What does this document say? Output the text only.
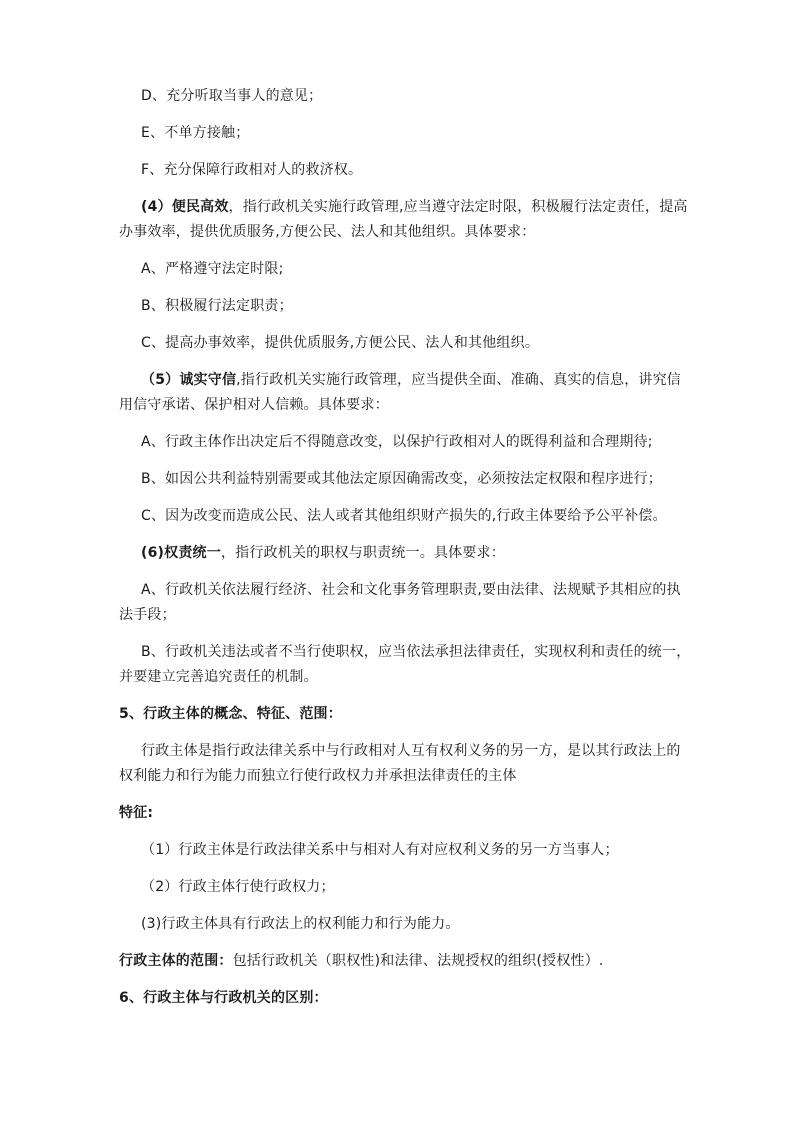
D、充分听取当事人的意见；
E、不单方接触；
F、充分保障行政相对人的救济权。
(4）便民高效，指行政机关实施行政管理,应当遵守法定时限，积极履行法定责任，提高
办事效率，提供优质服务,方便公民、法人和其他组织。具体要求：
A、严格遵守法定时限;
B、积极履行法定职责；
C、提高办事效率，提供优质服务,方便公民、法人和其他组织。
（5）诚实守信,指行政机关实施行政管理，应当提供全面、准确、真实的信息，讲究信
用信守承诺、保护相对人信赖。具体要求：
A、行政主体作出决定后不得随意改变，以保护行政相对人的既得利益和合理期待;
B、如因公共利益特别需要或其他法定原因确需改变，必须按法定权限和程序进行；
C、因为改变而造成公民、法人或者其他组织财产损失的,行政主体要给予公平补偿。
(6)权责统一，指行政机关的职权与职责统一。具体要求：
A、行政机关依法履行经济、社会和文化事务管理职责,要由法律、法规赋予其相应的执
法手段；
B、行政机关违法或者不当行使职权，应当依法承担法律责任，实现权利和责任的统一，
并要建立完善追究责任的机制。
5、行政主体的概念、特征、范围：
行政主体是指行政法律关系中与行政相对人互有权利义务的另一方，是以其行政法上的
权利能力和行为能力而独立行使行政权力并承担法律责任的主体
特征:
（1）行政主体是行政法律关系中与相对人有对应权利义务的另一方当事人；
（2）行政主体行使行政权力；
(3)行政主体具有行政法上的权利能力和行为能力。
行政主体的范围：包括行政机关（职权性)和法律、法规授权的组织(授权性）.
6、行政主体与行政机关的区别：
